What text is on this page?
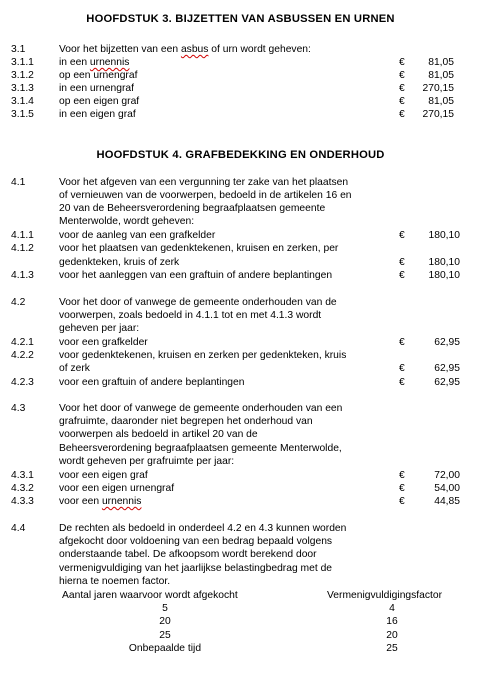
HOOFDSTUK 3. BIJZETTEN VAN ASBUSSEN EN URNEN
3.1	Voor het bijzetten van een asbus of urn wordt geheven:
3.1.1 in een urnennis	€ 81,05
3.1.2 op een urnengraf	€ 81,05
3.1.3 in een urnengraf	€ 270,15
3.1.4 op een eigen graf	€ 81,05
3.1.5 in een eigen graf	€ 270,15
HOOFDSTUK 4. GRAFBEDEKKING EN ONDERHOUD
4.1	Voor het afgeven van een vergunning ter zake van het plaatsen
of vernieuwen van de voorwerpen, bedoeld in de artikelen 16 en
20 van de Beheersverordening begraafplaatsen gemeente
Menterwolde, wordt geheven:
4.1.1 voor de aanleg van een grafkelder	€ 180,10
4.1.2 voor het plaatsen van gedenktekenen, kruisen en zerken, per
gedenkteken, kruis of zerk	€ 180,10
4.1.3 voor het aanleggen van een graftuin of andere beplantingen	€ 180,10
4.2	Voor het door of vanwege de gemeente onderhouden van de
voorwerpen, zoals bedoeld in 4.1.1 tot en met 4.1.3 wordt
geheven per jaar:
4.2.1 voor een grafkelder	€	62,95
4.2.2 voor gedenktekenen, kruisen en zerken per gedenkteken, kruis
of zerk	€	62,95
4.2.3 voor een graftuin of andere beplantingen	€	62,95
4.3	Voor het door of vanwege de gemeente onderhouden van een
grafruimte, daaronder niet begrepen het onderhoud van
voorwerpen als bedoeld in artikel 20 van de
Beheersverordening begraafplaatsen gemeente Menterwolde,
wordt geheven per grafruimte per jaar:
4.3.1 voor een eigen graf	€	72,00
4.3.2 voor een eigen urnengraf	€	54,00
4.3.3 voor een urnennis	€	44,85
4.4	De rechten als bedoeld in onderdeel 4.2 en 4.3 kunnen worden
afgekocht door voldoening van een bedrag bepaald volgens
onderstaande tabel. De afkoopsom wordt berekend door
vermenigvuldiging van het jaarlijkse belastingbedrag met de
hierna te noemen factor.
Aantal jaren waarvoor wordt afgekocht	Vermenigvuldigingsfactor
5	4
20	16
25	20
Onbepaalde tijd	25
